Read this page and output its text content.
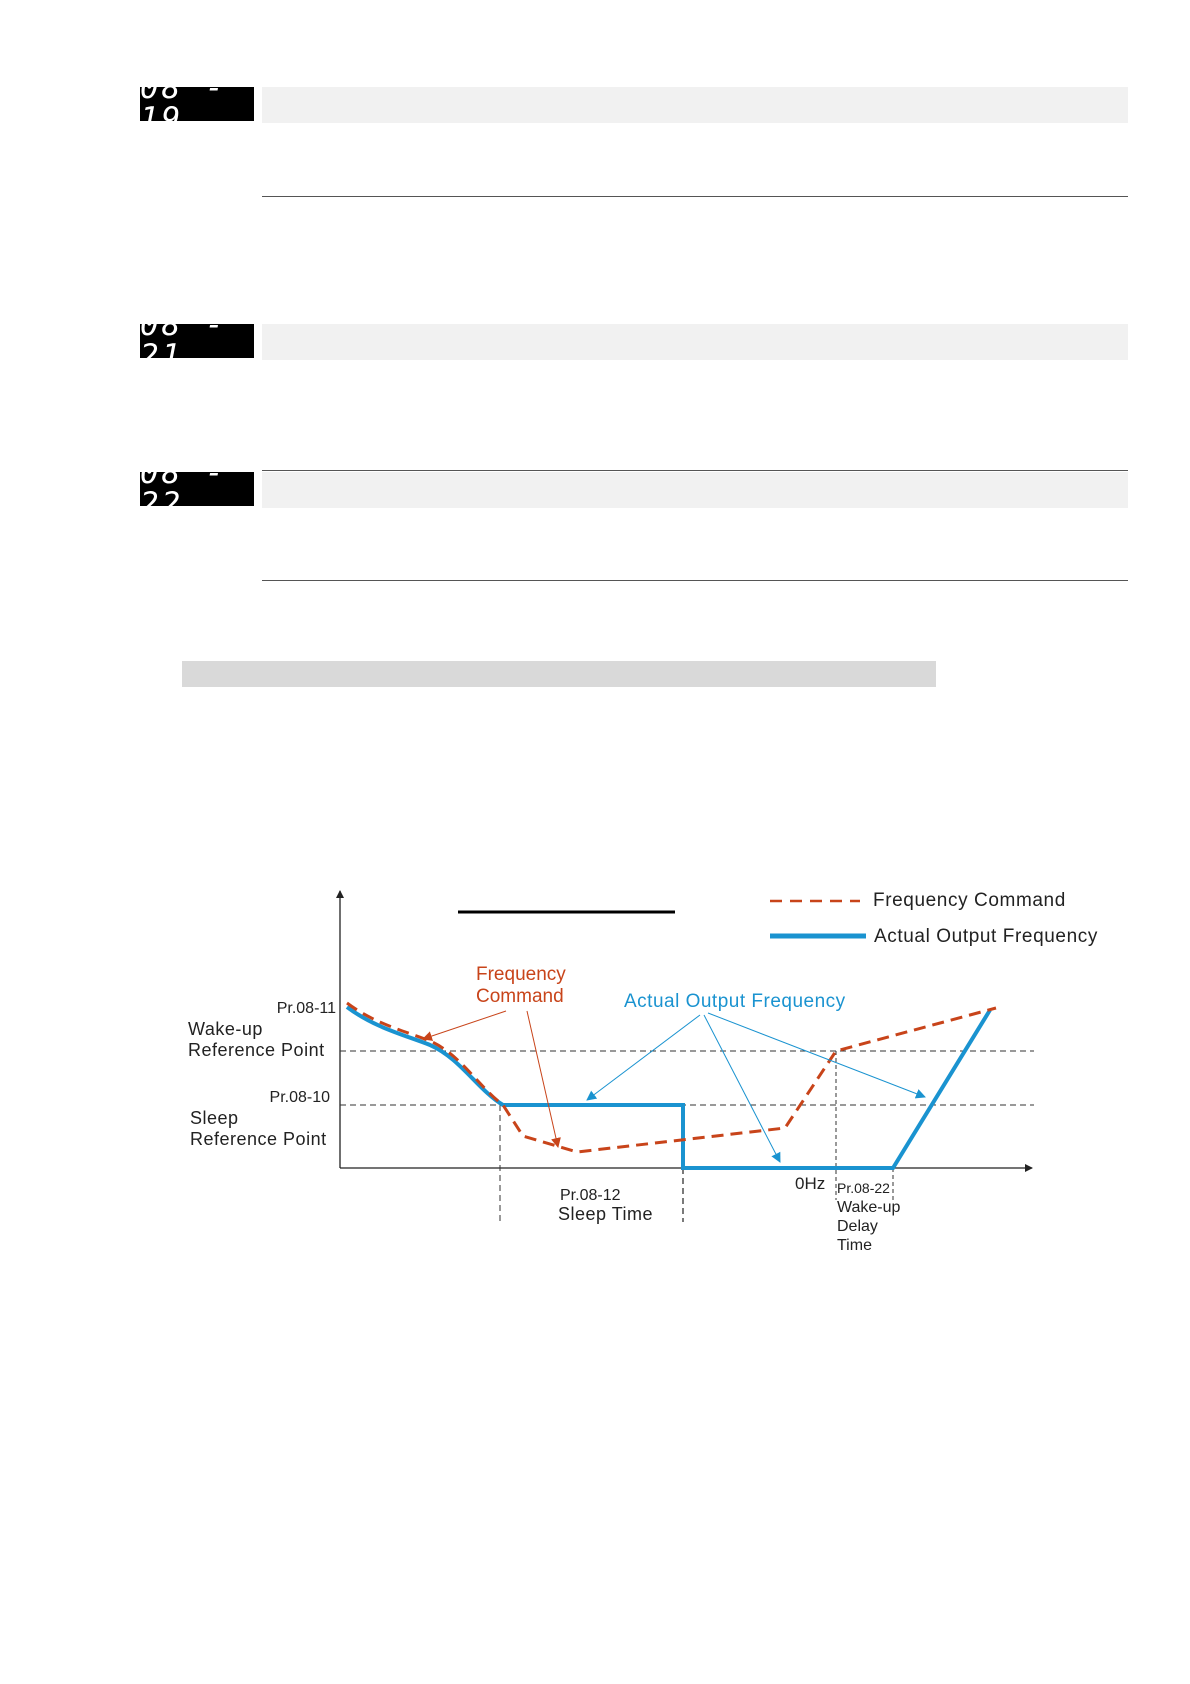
08 - 19
08 - 21
08 - 22
Frequency Command
Actual Output Frequency
Frequency
Command	Actual Output Frequency
Pr.08-11
Wake-up
Reference Point
Pr.08-10
Sleep
Reference Point
Pr.08-12
Sleep Time
0Hz Pr.08-22
Wake-up
Delay
Time
